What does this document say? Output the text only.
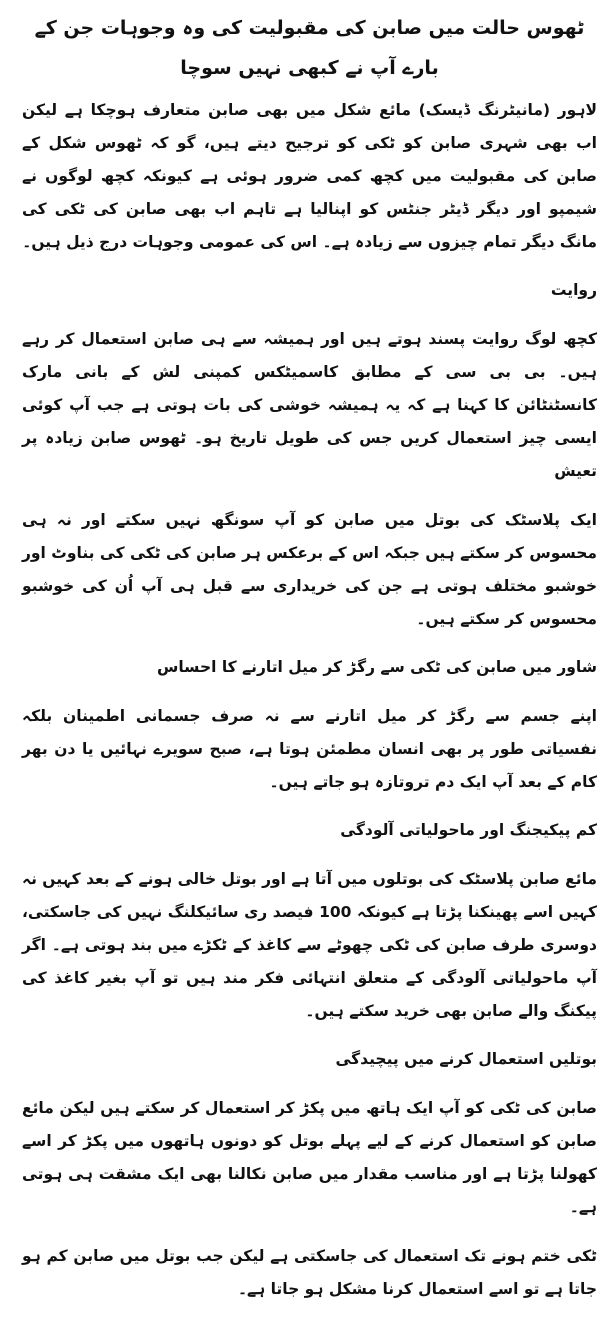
ٹھوس حالت میں صابن کی مقبولیت کی وہ وجوہات جن کے بارے آپ نے کبھی نہیں سوچا

لاہور (مانیٹرنگ ڈیسک) مائع شکل میں بھی صابن متعارف ہوچکا ہے لیکن اب بھی شہری صابن کو ٹکی کو ترجیح دیتے ہیں، گو کہ ٹھوس شکل کے صابن کی مقبولیت میں کچھ کمی ضرور ہوئی ہے کیونکہ کچھ لوگوں نے شیمپو اور دیگر ڈیٹر جنٹس کو اپنالیا ہے تاہم اب بھی صابن کی ٹکی کی مانگ دیگر تمام چیزوں سے زیادہ ہے۔ اس کی عمومی وجوہات درج ذیل ہیں۔

روایت

کچھ لوگ روایت پسند ہوتے ہیں اور ہمیشہ سے ہی صابن استعمال کر رہے ہیں۔ بی بی سی کے مطابق کاسمیٹکس کمپنی لش کے بانی مارک کانسٹنٹائن کا کہنا ہے کہ یہ ہمیشہ خوشی کی بات ہوتی ہے جب آپ کوئی ایسی چیز استعمال کریں جس کی طویل تاریخ ہو۔ ٹھوس صابن زیادہ پر تعیش

ایک پلاسٹک کی بوتل میں صابن کو آپ سونگھ نہیں سکتے اور نہ ہی محسوس کر سکتے ہیں جبکہ اس کے برعکس ہر صابن کی ٹکی کی بناوٹ اور خوشبو مختلف ہوتی ہے جن کی خریداری سے قبل ہی آپ اُن کی خوشبو محسوس کر سکتے ہیں۔

شاور میں صابن کی ٹکی سے رگڑ کر میل اتارنے کا احساس

اپنے جسم سے رگڑ کر میل اتارنے سے نہ صرف جسمانی اطمینان بلکہ نفسیاتی طور پر بھی انسان مطمئن ہوتا ہے، صبح سویرے نہائیں یا دن بھر کام کے بعد آپ ایک دم تروتازہ ہو جاتے ہیں۔

کم پیکیجنگ اور ماحولیاتی آلودگی

مائع صابن پلاسٹک کی بوتلوں میں آتا ہے اور بوتل خالی ہونے کے بعد کہیں نہ کہیں اسے پھینکنا پڑتا ہے کیونکہ 100 فیصد ری سائیکلنگ نہیں کی جاسکتی، دوسری طرف صابن کی ٹکی چھوٹے سے کاغذ کے ٹکڑے میں بند ہوتی ہے۔ اگر آپ ماحولیاتی آلودگی کے متعلق انتہائی فکر مند ہیں تو آپ بغیر کاغذ کی پیکنگ والے صابن بھی خرید سکتے ہیں۔

بوتلیں استعمال کرنے میں پیچیدگی

صابن کی ٹکی کو آپ ایک ہاتھ میں پکڑ کر استعمال کر سکتے ہیں لیکن مائع صابن کو استعمال کرنے کے لیے پہلے بوتل کو دونوں ہاتھوں میں پکڑ کر اسے کھولنا پڑتا ہے اور مناسب مقدار میں صابن نکالنا بھی ایک مشقت ہی ہوتی ہے۔

ٹکی ختم ہونے تک استعمال کی جاسکتی ہے لیکن جب بوتل میں صابن کم ہو جاتا ہے تو اسے استعمال کرنا مشکل ہو جاتا ہے۔
